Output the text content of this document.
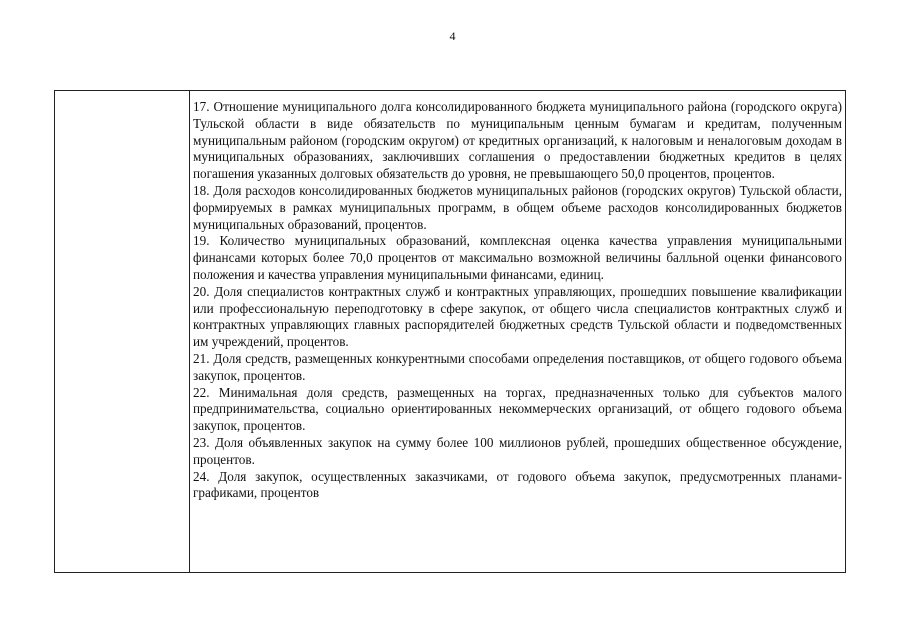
4

17. Отношение муниципального долга консолидированного бюджета муниципального района (городского округа) Тульской области в виде обязательств по муниципальным ценным бумагам и кредитам, полученным муниципальным районом (городским округом) от кредитных организаций, к налоговым и неналоговым доходам в муниципальных образованиях, заключивших соглашения о предоставлении бюджетных кредитов в целях погашения указанных долговых обязательств до уровня, не превышающего 50,0 процентов, процентов.

18. Доля расходов консолидированных бюджетов муниципальных районов (городских округов) Тульской области, формируемых в рамках муниципальных программ, в общем объеме расходов консолидированных бюджетов муниципальных образований, процентов.

19. Количество муниципальных образований, комплексная оценка качества управления муниципальными финансами которых более 70,0 процентов от максимально возможной величины балльной оценки финансового положения и качества управления муниципальными финансами, единиц.

20. Доля специалистов контрактных служб и контрактных управляющих, прошедших повышение квалификации или профессиональную переподготовку в сфере закупок, от общего числа специалистов контрактных служб и контрактных управляющих главных распорядителей бюджетных средств Тульской области и подведомственных им учреждений, процентов.

21. Доля средств, размещенных конкурентными способами определения поставщиков, от общего годового объема закупок, процентов.

22. Минимальная доля средств, размещенных на торгах, предназначенных только для субъектов малого предпринимательства, социально ориентированных некоммерческих организаций, от общего годового объема закупок, процентов.

23. Доля объявленных закупок на сумму более 100 миллионов рублей, прошедших общественное обсуждение, процентов.

24. Доля закупок, осуществленных заказчиками, от годового объема закупок, предусмотренных планами-графиками, процентов
